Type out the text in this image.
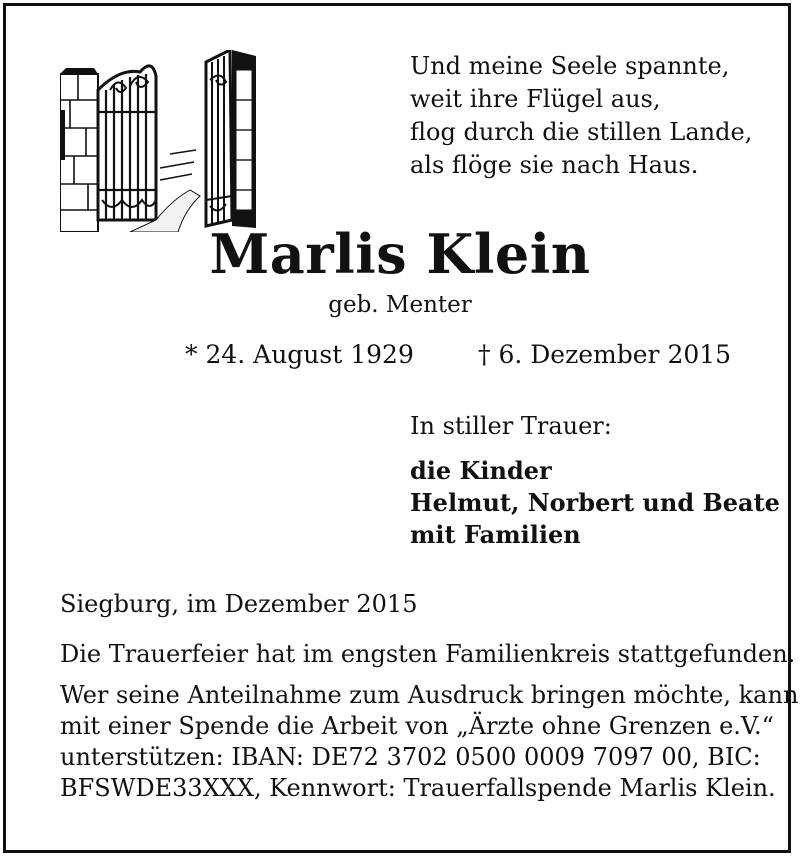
Und meine Seele spannte,
weit ihre Flügel aus,
flog durch die stillen Lande,
als flöge sie nach Haus.
Marlis Klein
geb. Menter
* 24. August 1929	† 6. Dezember 2015
In stiller Trauer:
die Kinder
Helmut, Norbert und Beate
mit Familien
Siegburg, im Dezember 2015
Die Trauerfeier hat im engsten Familienkreis stattgefunden.
Wer seine Anteilnahme zum Ausdruck bringen möchte, kann
mit einer Spende die Arbeit von „Ärzte ohne Grenzen e.V.“
unterstützen: IBAN: DE72 3702 0500 0009 7097 00, BIC:
BFSWDE33XXX, Kennwort: Trauerfallspende Marlis Klein.
